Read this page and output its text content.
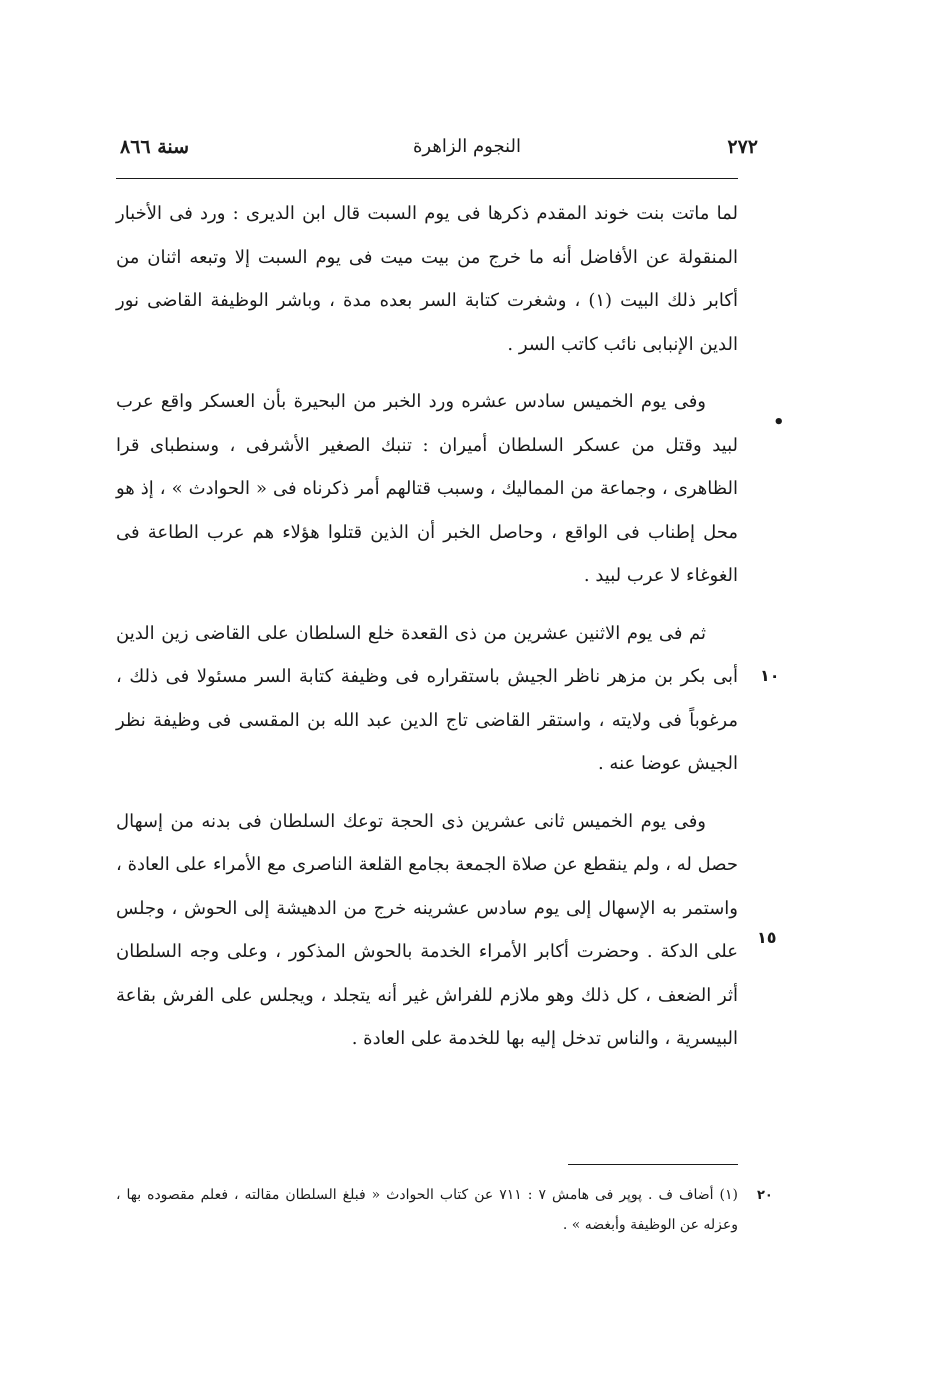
٢٧٢
النجوم الزاهرة
سنة ٨٦٦
•
١٠
١٥
٢٠

لما ماتت بنت خوند المقدم ذكرها فى يوم السبت قال ابن الديرى : ورد فى الأخبار المنقولة عن الأفاضل أنه ما خرج من بيت ميت فى يوم السبت إلا وتبعه اثنان من أكابر ذلك البيت (١) ، وشغرت كتابة السر بعده مدة ، وباشر الوظيفة القاضى نور الدين الإنبابى نائب كاتب السر .

وفى يوم الخميس سادس عشره ورد الخبر من البحيرة بأن العسكر واقع عرب لبيد وقتل من عسكر السلطان أميران : تنبك الصغير الأشرفى ، وسنطباى قرا الظاهرى ، وجماعة من المماليك ، وسبب قتالهم أمر ذكرناه فى « الحوادث » ، إذ هو محل إطناب فى الواقع ، وحاصل الخبر أن الذين قتلوا هؤلاء هم عرب الطاعة فى الغوغاء لا عرب لبيد .

ثم فى يوم الاثنين عشرين من ذى القعدة خلع السلطان على القاضى زين الدين أبى بكر بن مزهر ناظر الجيش باستقراره فى وظيفة كتابة السر مسئولا فى ذلك ، مرغوباً فى ولايته ، واستقر القاضى تاج الدين عبد الله بن المقسى فى وظيفة نظر الجيش عوضا عنه .

وفى يوم الخميس ثانى عشرين ذى الحجة توعك السلطان فى بدنه من إسهال حصل له ، ولم ينقطع عن صلاة الجمعة بجامع القلعة الناصرى مع الأمراء على العادة ، واستمر به الإسهال إلى يوم سادس عشرينه خرج من الدهيشة إلى الحوش ، وجلس على الدكة . وحضرت أكابر الأمراء الخدمة بالحوش المذكور ، وعلى وجه السلطان أثر الضعف ، كل ذلك وهو ملازم للفراش غير أنه يتجلد ، ويجلس على الفرش بقاعة البيسرية ، والناس تدخل إليه بها للخدمة على العادة .

(١) أضاف ف . پوپر فى هامش ٧ : ٧١١ عن كتاب الحوادث « فبلغ السلطان مقالته ، فعلم مقصوده بها ، وعزله عن الوظيفة وأبغضه » .
